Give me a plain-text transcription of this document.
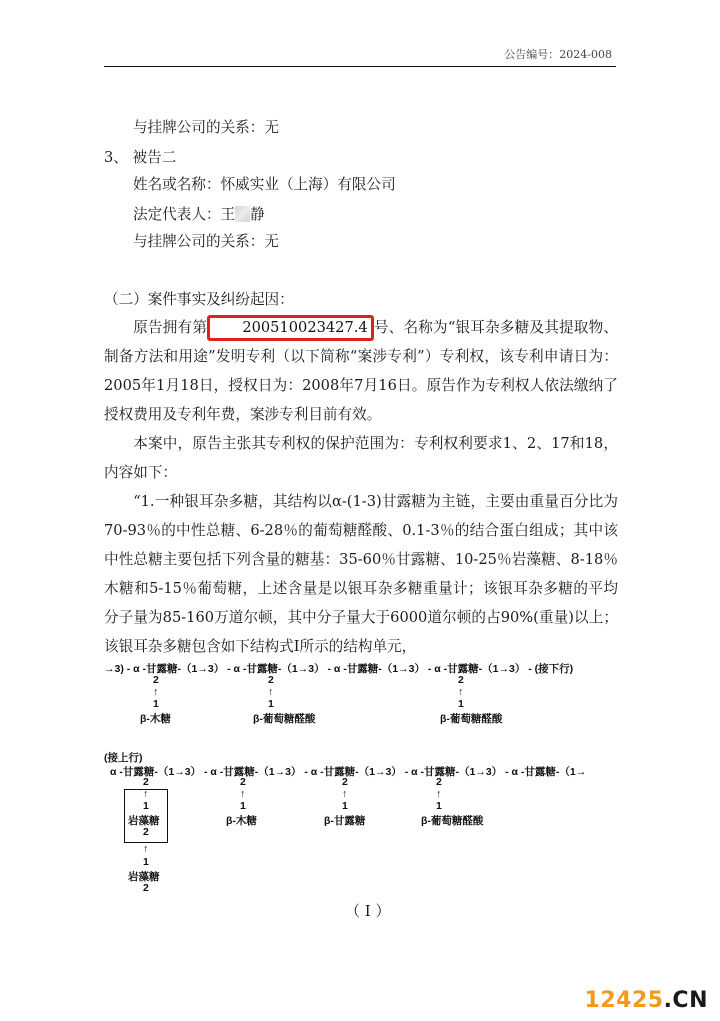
公告编号：2024-008
与挂牌公司的关系：无
3、 被告二
姓名或名称：怀威实业（上海）有限公司
法定代表人：王 静
与挂牌公司的关系：无
（二）案件事实及纠纷起因：

原告拥有第 200510023427.4 号、名称为“银耳杂多糖及其提取物、制备方法和用途”发明专利（以下简称“案涉专利”）专利权，该专利申请日为：2005年1月18日，授权日为：2008年7月16日。原告作为专利权人依法缴纳了授权费用及专利年费，案涉专利目前有效。

本案中，原告主张其专利权的保护范围为：专利权利要求1、2、17和18，内容如下：

“1.一种银耳杂多糖，其结构以α-(1-3)甘露糖为主链，主要由重量百分比为70-93％的中性总糖、6-28％的葡萄糖醛酸、0.1-3％的结合蛋白组成；其中该中性总糖主要包括下列含量的糖基：35-60％甘露糖、10-25％岩藻糖、8-18％木糖和5-15％葡萄糖，上述含量是以银耳杂多糖重量计；该银耳杂多糖的平均分子量为85-160万道尔顿，其中分子量大于6000道尔顿的占90%(重量)以上；该银耳杂多糖包含如下结构式I所示的结构单元，

→3) - α -甘露糖-（1→3） - α -甘露糖-（1→3） - α -甘露糖-（1→3） - α -甘露糖-（1→3） - (接下行)
2
↑
1
β-木糖
2
↑
1
β-葡萄糖醛酸
2
↑
1
β-葡萄糖醛酸
(接上行)
α -甘露糖-（1→3） - α -甘露糖-（1→3） - α -甘露糖-（1→3） - α -甘露糖-（1→3） - α -甘露糖-（1→
2
↑
1
岩藻糖
2
↑
1
岩藻糖
2
2
↑
1
β-木糖
2
↑
1
β-甘露糖
2
↑
1
β-葡萄糖醛酸
（ I ）
12425.CN
